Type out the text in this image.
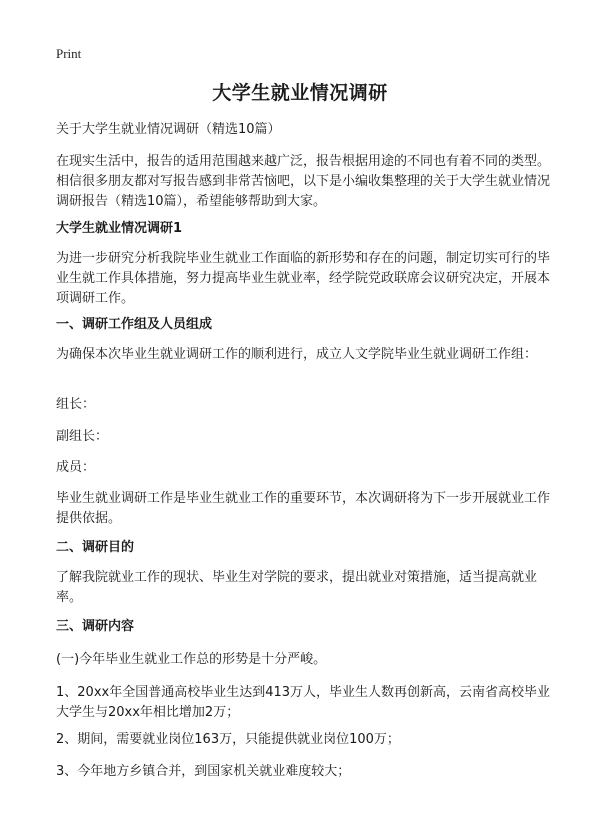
Print
大学生就业情况调研
关于大学生就业情况调研（精选10篇）
在现实生活中，报告的适用范围越来越广泛，报告根据用途的不同也有着不同的类型。相信很多朋友都对写报告感到非常苦恼吧，以下是小编收集整理的关于大学生就业情况调研报告（精选10篇），希望能够帮助到大家。
大学生就业情况调研1
为进一步研究分析我院毕业生就业工作面临的新形势和存在的问题，制定切实可行的毕业生就工作具体措施，努力提高毕业生就业率，经学院党政联席会议研究决定，开展本项调研工作。
一、调研工作组及人员组成
为确保本次毕业生就业调研工作的顺利进行，成立人文学院毕业生就业调研工作组：
组长：
副组长：
成员：
毕业生就业调研工作是毕业生就业工作的重要环节，本次调研将为下一步开展就业工作提供依据。
二、调研目的
了解我院就业工作的现状、毕业生对学院的要求，提出就业对策措施，适当提高就业率。
三、调研内容
(一)今年毕业生就业工作总的形势是十分严峻。
1、20xx年全国普通高校毕业生达到413万人，毕业生人数再创新高，云南省高校毕业大学生与20xx年相比增加2万；
2、期间，需要就业岗位163万，只能提供就业岗位100万；
3、今年地方乡镇合并，到国家机关就业难度较大；
